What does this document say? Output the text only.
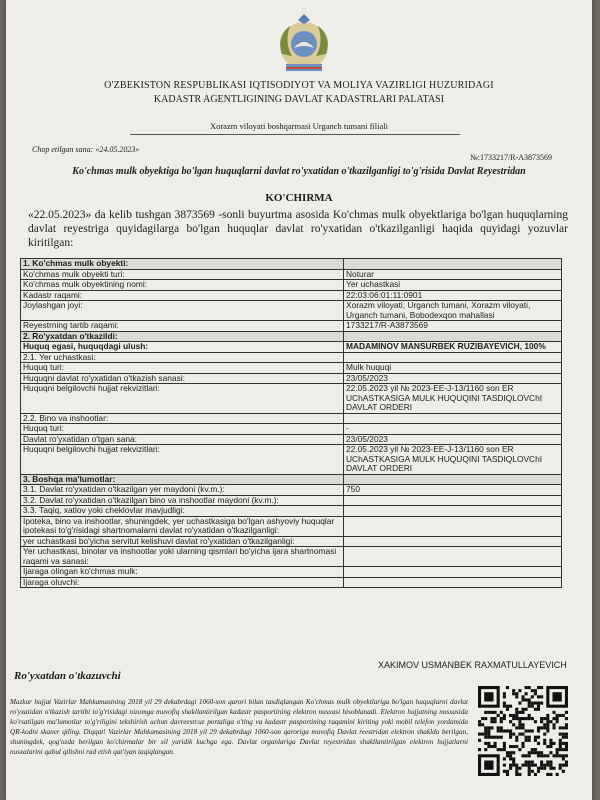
O'ZBEKISTON RESPUBLIKASI IQTISODIYOT VA MOLIYA VAZIRLIGI HUZURIDAGI
KADASTR AGENTLIGINING DAVLAT KADASTRLARI PALATASI
Xorazm viloyati boshqarmasi Urganch tumani filiali
Chop etilgan sana: «24.05.2023»
№:1733217/R-A3873569
Ko'chmas mulk obyektiga bo'lgan huquqlarni davlat ro'yxatidan o'tkazilganligi to'g'risida Davlat Reyestridan
KO'CHIRMA
«22.05.2023» da kelib tushgan 3873569 -sonli buyurtma asosida Ko'chmas mulk obyektlariga bo'lgan huquqlarning davlat reyestriga quyidagilarga bo'lgan huquqlar davlat ro'yxatidan o'tkazilganligi haqida quyidagi yozuvlar kiritilgan:
1. Ko'chmas mulk obyekti:	
Ko'chmas mulk obyekti turi:	Noturar
Ko'chmas mulk obyektining nomi:	Yer uchastkasi
Kadastr raqami:	22:03:06:01:11:0901
Joylashgan joyi:	Xorazm viloyati, Urganch tumani, Xorazm viloyati, Urganch tumani, Bobodexqon mahallasi
Reyestrning tartib raqami:	1733217/R-A3873569
2. Ro'yxatdan o'tkazildi:	
Huquq egasi, huquqdagi ulush:	MADAMINOV MANSURBEK RUZIBAYEVICH, 100%
2.1. Yer uchastkasi:	
Huquq turi:	Mulk huquqi
Huquqni davlat ro'yxatidan o'tkazish sanasi:	23/05/2023
Huquqni belgilovchi hujjat rekvizitlari:	22.05.2023 yil № 2023-EE-J-13/1160 son ER UChASTKASIGA MULK HUQUQINI TASDIQLOVChI DAVLAT ORDERI
2.2. Bino va inshootlar:	
Huquq turi:	-
Davlat ro'yxatidan o'tgan sana:	23/05/2023
Huquqni belgilovchi hujjat rekvizitlari:	22.05.2023 yil № 2023-EE-J-13/1160 son ER UChASTKASIGA MULK HUQUQINI TASDIQLOVChI DAVLAT ORDERI
3. Boshqa ma'lumotlar:	
3.1. Davlat ro'yxatidan o'tkazilgan yer maydoni (kv.m.):	750
3.2. Davlat ro'yxatidan o'tkazilgan bino va inshootlar maydoni (kv.m.):	
3.3. Taqiq, xatlov yoki cheklovlar mavjudligi:	
Ipoteka, bino va inshootlar, shuningdek, yer uchastkasiga bo'lgan ashyoviy huquqlar ipotekasi to'g'risidagi shartnomalarni davlat ro'yxatidan o'tkazilganligi:	
yer uchastkasi bo'yicha servitut kelishuvi davlat ro'yxatidan o'tkazilganligi:	
Yer uchastkasi, binolar va inshootlar yoki ularning qismlari bo'yicha ijara shartnomasi raqami va sanasi:	
Ijaraga olingan ko'chmas mulk:	
Ijaraga oluvchi:	
Ro'yxatdan o'tkazuvchi
XAKIMOV USMANBEK RAXMATULLAYEVICH
Mazkur hujjat Vazirlar Mahkamasining 2018 yil 29 dekabrdagi 1060-son qarori bilan tasdiqlangan Ko'chmas mulk obyektlariga bo'lgan huquqlarni davlat ro'yxatidan o'tkazish tartibi to'g'risidagi nizomga muvofiq shakllantirilgan kadastr pasportining elektron nusxasi hisoblanadi. Elektron hujjatning nusxasida ko'rsatilgan ma'lumotlar to'g'riligini tekshirish uchun davreestr.uz portaliga o'ting va kadastr pasportining raqamini kiriting yoki mobil telefon yordamida QR-kodni skaner qiling. Diqqat! Vazirlar Mahkamasining 2018 yil 29 dekabrdagi 1060-son qaroriga muvofiq Davlat reestridan elektron shaklda berilgan, shuningdek, qog'ozda berilgan ko'chirmalar bir xil yuridik kuchga ega. Davlat organlariga Davlat reyestridan shakllantirilgan elektron hujjatlarni nusxalarini qabul qilishni rad etish qat'iyan taqiqlangan.
